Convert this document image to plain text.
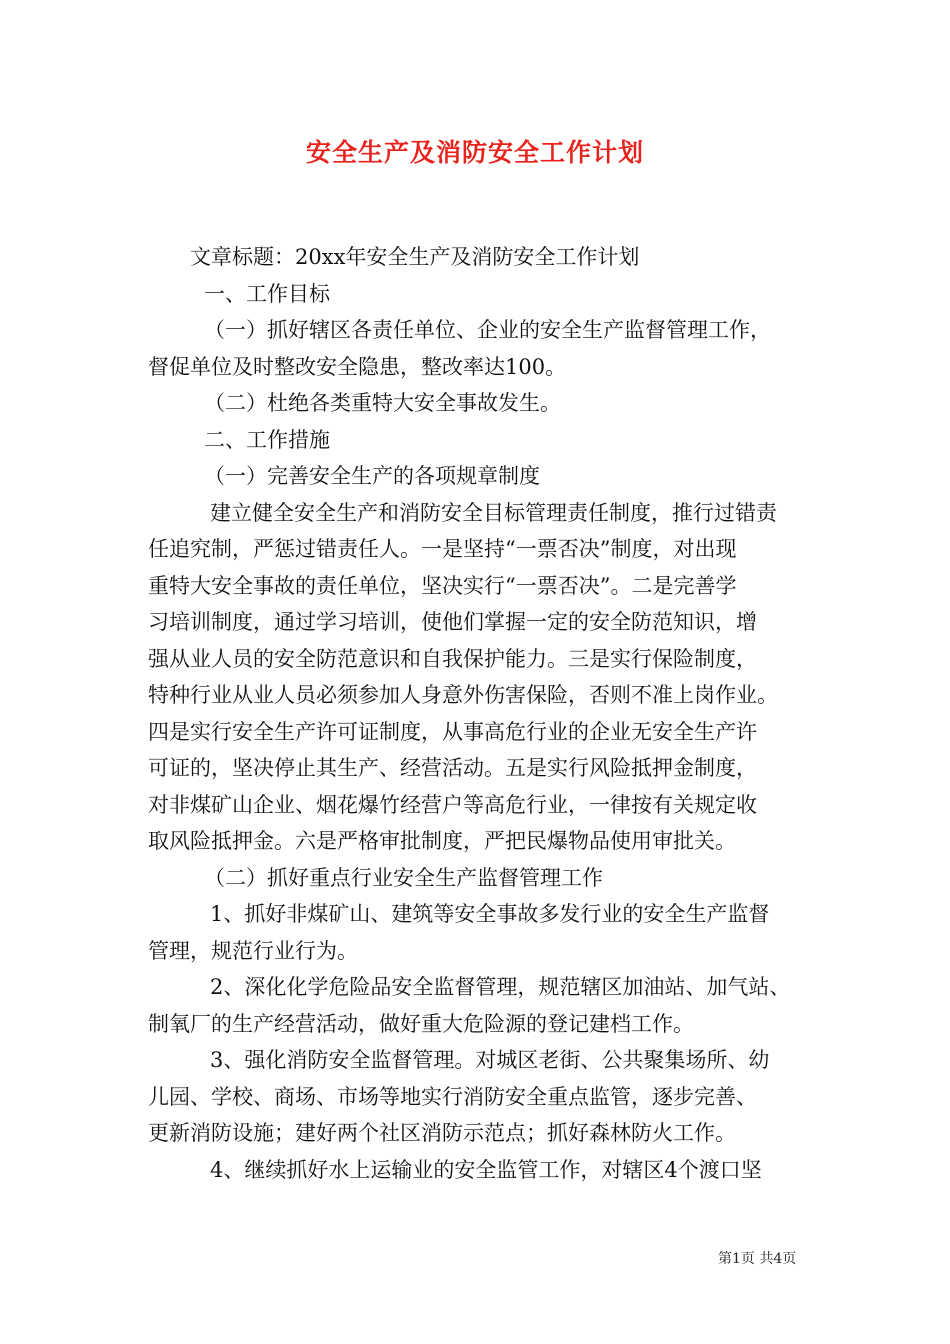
安全生产及消防安全工作计划
文章标题：20xx年安全生产及消防安全工作计划
一、工作目标
（一）抓好辖区各责任单位、企业的安全生产监督管理工作，
督促单位及时整改安全隐患，整改率达100。
（二）杜绝各类重特大安全事故发生。
二、工作措施
（一）完善安全生产的各项规章制度
建立健全安全生产和消防安全目标管理责任制度，推行过错责
任追究制，严惩过错责任人。一是坚持“一票否决”制度，对出现
重特大安全事故的责任单位，坚决实行“一票否决”。二是完善学
习培训制度，通过学习培训，使他们掌握一定的安全防范知识，增
强从业人员的安全防范意识和自我保护能力。三是实行保险制度，
特种行业从业人员必须参加人身意外伤害保险，否则不准上岗作业。
四是实行安全生产许可证制度，从事高危行业的企业无安全生产许
可证的，坚决停止其生产、经营活动。五是实行风险抵押金制度，
对非煤矿山企业、烟花爆竹经营户等高危行业，一律按有关规定收
取风险抵押金。六是严格审批制度，严把民爆物品使用审批关。
（二）抓好重点行业安全生产监督管理工作
1、抓好非煤矿山、建筑等安全事故多发行业的安全生产监督
管理，规范行业行为。
2、深化化学危险品安全监督管理，规范辖区加油站、加气站、
制氧厂的生产经营活动，做好重大危险源的登记建档工作。
3、强化消防安全监督管理。对城区老街、公共聚集场所、幼
儿园、学校、商场、市场等地实行消防安全重点监管，逐步完善、
更新消防设施；建好两个社区消防示范点；抓好森林防火工作。
4、继续抓好水上运输业的安全监管工作，对辖区4个渡口坚
第1页 共4页
